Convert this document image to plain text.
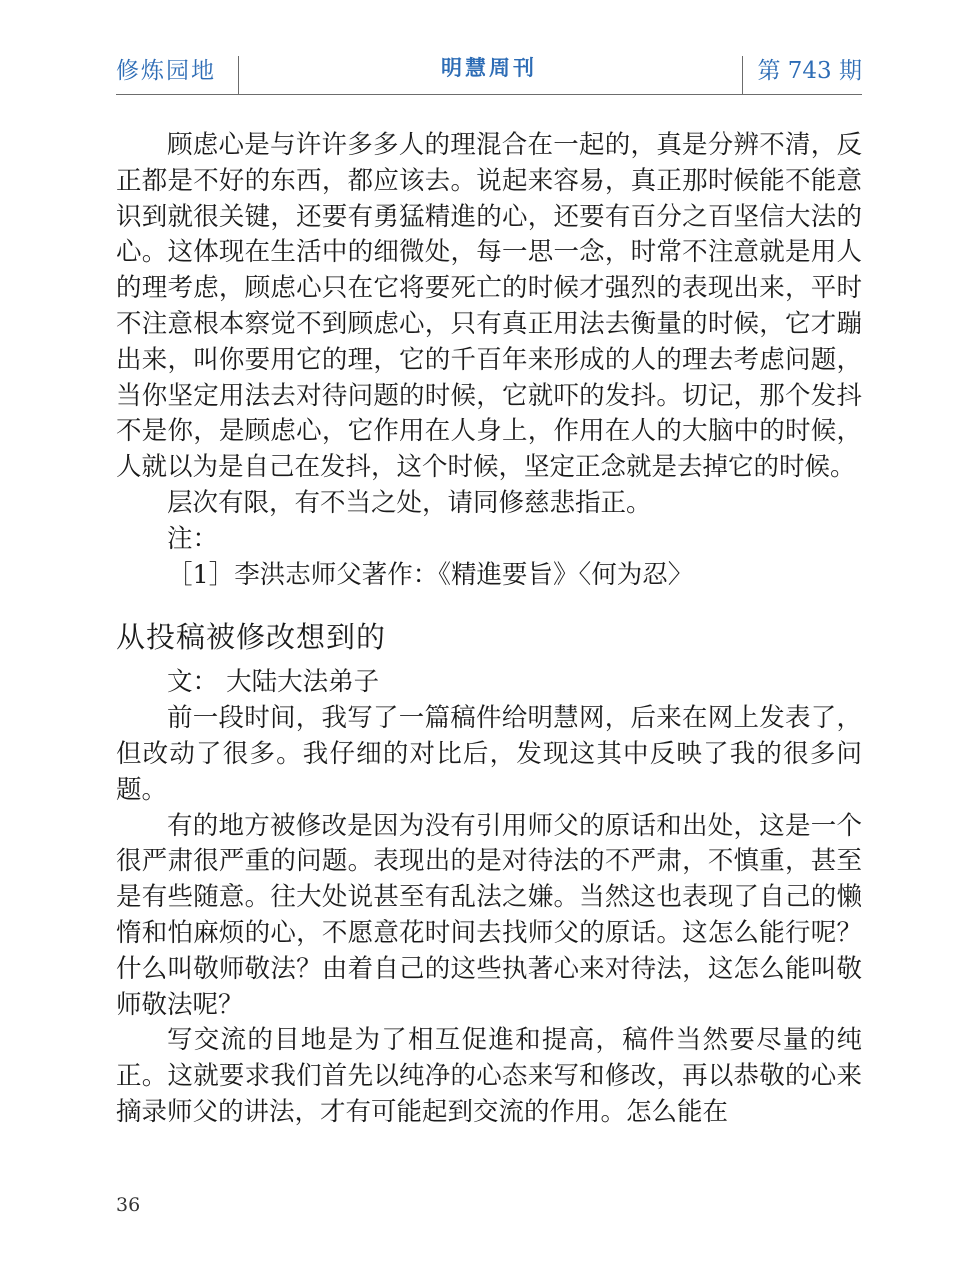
修炼园地	明慧周刊	第 743 期

顾虑心是与许许多多人的理混合在一起的，真是分辨不清，反正都是不好的东西，都应该去。说起来容易，真正那时候能不能意识到就很关键，还要有勇猛精進的心，还要有百分之百坚信大法的心。这体现在生活中的细微处，每一思一念，时常不注意就是用人的理考虑，顾虑心只在它将要死亡的时候才强烈的表现出来，平时不注意根本察觉不到顾虑心，只有真正用法去衡量的时候，它才蹦出来，叫你要用它的理，它的千百年来形成的人的理去考虑问题，当你坚定用法去对待问题的时候，它就吓的发抖。切记，那个发抖不是你，是顾虑心，它作用在人身上，作用在人的大脑中的时候，人就以为是自己在发抖，这个时候，坚定正念就是去掉它的时候。

层次有限，有不当之处，请同修慈悲指正。

注：

［1］李洪志师父著作：《精進要旨》〈何为忍〉

从投稿被修改想到的

文： 大陆大法弟子

前一段时间，我写了一篇稿件给明慧网，后来在网上发表了，但改动了很多。我仔细的对比后，发现这其中反映了我的很多问题。

有的地方被修改是因为没有引用师父的原话和出处，这是一个很严肃很严重的问题。表现出的是对待法的不严肃，不慎重，甚至是有些随意。往大处说甚至有乱法之嫌。当然这也表现了自己的懒惰和怕麻烦的心，不愿意花时间去找师父的原话。这怎么能行呢？什么叫敬师敬法？由着自己的这些执著心来对待法，这怎么能叫敬师敬法呢？

写交流的目地是为了相互促進和提高，稿件当然要尽量的纯正。这就要求我们首先以纯净的心态来写和修改，再以恭敬的心来摘录师父的讲法，才有可能起到交流的作用。怎么能在

36
